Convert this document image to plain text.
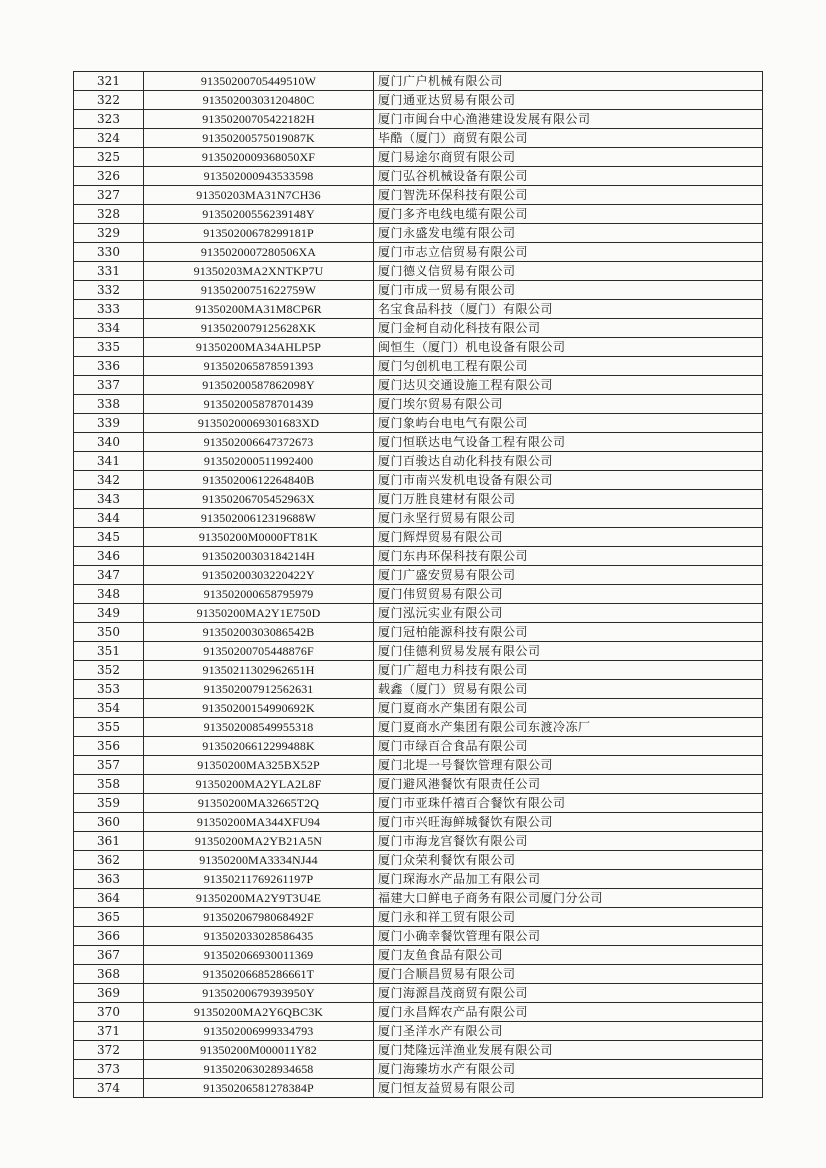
321	91350200705449510W	厦门广户机械有限公司
322	91350200303120480C	厦门通亚达贸易有限公司
323	91350200705422182H	厦门市闽台中心渔港建设发展有限公司
324	91350200575019087K	毕酷（厦门）商贸有限公司
325	9135020009368050XF	厦门易途尔商贸有限公司
326	913502000943533598	厦门弘谷机械设备有限公司
327	91350203MA31N7CH36	厦门智洗环保科技有限公司
328	91350200556239148Y	厦门多齐电线电缆有限公司
329	91350200678299181P	厦门永盛发电缆有限公司
330	9135020007280506XA	厦门市志立信贸易有限公司
331	91350203MA2XNTKP7U	厦门德义信贸易有限公司
332	91350200751622759W	厦门市成一贸易有限公司
333	91350200MA31M8CP6R	名宝食品科技（厦门）有限公司
334	9135020079125628XK	厦门金柯自动化科技有限公司
335	91350200MA34AHLP5P	闽恒生（厦门）机电设备有限公司
336	913502065878591393	厦门匀创机电工程有限公司
337	91350200587862098Y	厦门达贝交通设施工程有限公司
338	913502005878701439	厦门埃尔贸易有限公司
339	91350200069301683XD	厦门象屿台电电气有限公司
340	913502006647372673	厦门恒联达电气设备工程有限公司
341	913502000511992400	厦门百骏达自动化科技有限公司
342	91350200612264840B	厦门市南兴发机电设备有限公司
343	91350206705452963X	厦门万胜良建材有限公司
344	91350200612319688W	厦门永坚行贸易有限公司
345	91350200M0000FT81K	厦门辉焊贸易有限公司
346	91350200303184214H	厦门东冉环保科技有限公司
347	91350200303220422Y	厦门广盛安贸易有限公司
348	913502000658795979	厦门伟贸贸易有限公司
349	91350200MA2Y1E750D	厦门泓沅实业有限公司
350	91350200303086542B	厦门冠柏能源科技有限公司
351	91350200705448876F	厦门佳德利贸易发展有限公司
352	91350211302962651H	厦门广超电力科技有限公司
353	913502007912562631	载鑫（厦门）贸易有限公司
354	91350200154990692K	厦门夏商水产集团有限公司
355	913502008549955318	厦门夏商水产集团有限公司东渡冷冻厂
356	91350206612299488K	厦门市绿百合食品有限公司
357	91350200MA325BX52P	厦门北堤一号餐饮管理有限公司
358	91350200MA2YLA2L8F	厦门避风港餐饮有限责任公司
359	91350200MA32665T2Q	厦门市亚珠仟禧百合餐饮有限公司
360	91350200MA344XFU94	厦门市兴旺海鲜城餐饮有限公司
361	91350200MA2YB21A5N	厦门市海龙宫餐饮有限公司
362	91350200MA3334NJ44	厦门众荣利餐饮有限公司
363	91350211769261197P	厦门琛海水产品加工有限公司
364	91350200MA2Y9T3U4E	福建大口鲜电子商务有限公司厦门分公司
365	91350206798068492F	厦门永和祥工贸有限公司
366	913502033028586435	厦门小确幸餐饮管理有限公司
367	913502066930011369	厦门友鱼食品有限公司
368	91350206685286661T	厦门合顺昌贸易有限公司
369	91350200679393950Y	厦门海源昌茂商贸有限公司
370	91350200MA2Y6QBC3K	厦门永昌辉农产品有限公司
371	913502006999334793	厦门圣洋水产有限公司
372	91350200M000011Y82	厦门梵隆远洋渔业发展有限公司
373	913502063028934658	厦门海臻坊水产有限公司
374	91350206581278384P	厦门恒友益贸易有限公司
